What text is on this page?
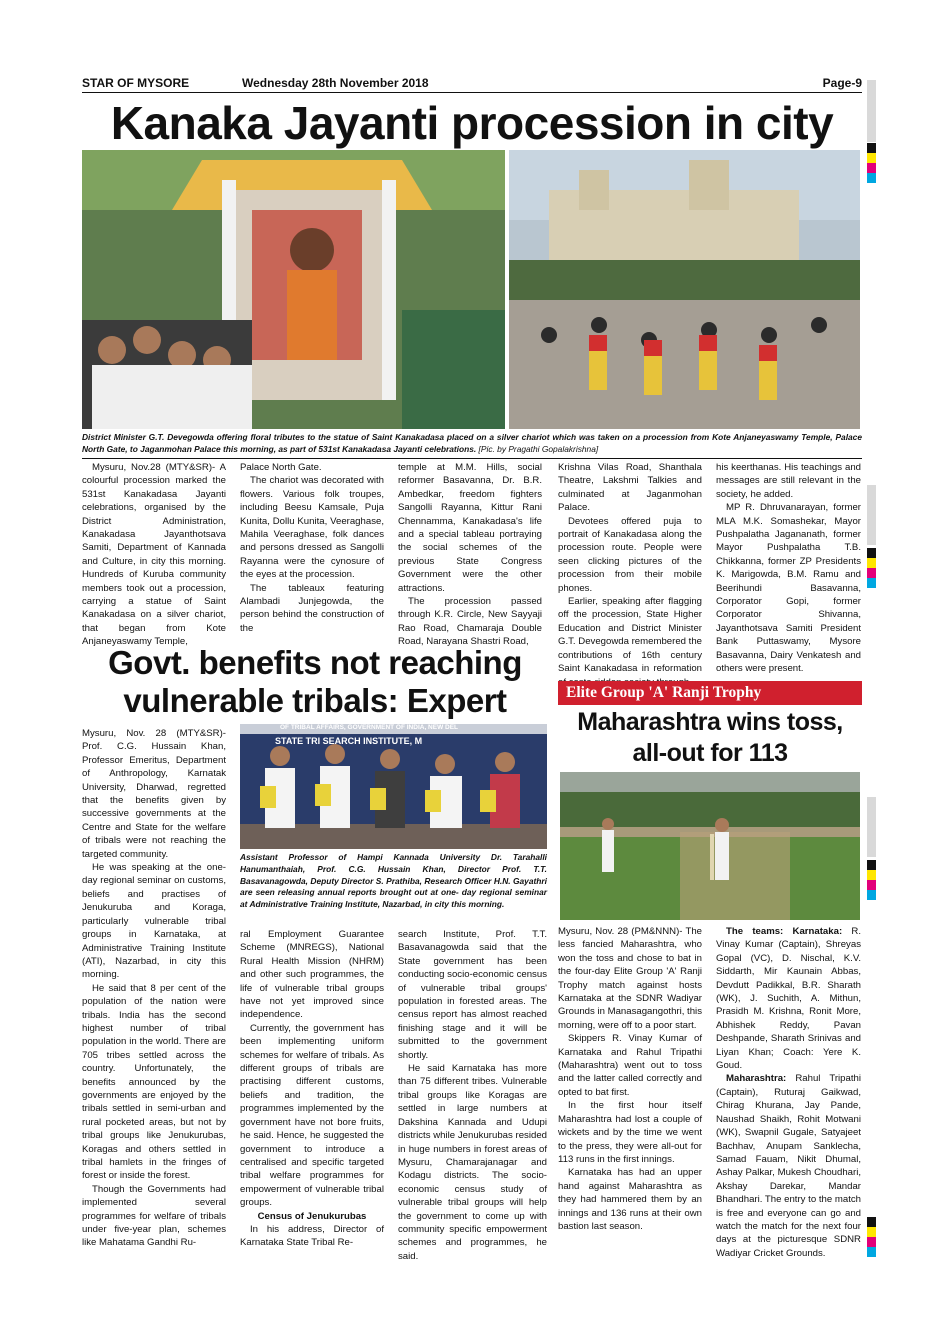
STAR OF MYSORE	Wednesday 28th November 2018	Page-9
Kanaka Jayanti procession in city
District Minister G.T. Devegowda offering floral tributes to the statue of Saint Kanakadasa placed on a silver chariot which was taken on a procession from Kote Anjaneyaswamy Temple, Palace North Gate, to Jaganmohan Palace this morning, as part of 531st Kanakadasa Jayanti celebrations. [Pic. by Pragathi Gopalakrishna]

Mysuru, Nov.28 (MTY&SR)- A colourful procession marked the 531st Kanakadasa Jayanti celebrations, organised by the District Administration, Kanakadasa Jayanthotsava Samiti, Department of Kannada and Culture, in city this morning. Hundreds of Kuruba community members took out a procession, carrying a statue of Saint Kanakadasa on a silver chariot, that began from Kote Anjaneyaswamy Temple,

Palace North Gate.

The chariot was decorated with flowers. Various folk troupes, including Beesu Kamsale, Puja Kunita, Dollu Kunita, Veeraghase, Mahila Veeraghase, folk dances and persons dressed as Sangolli Rayanna were the cynosure of the eyes at the procession.

The tableaux featuring Alambadi Junjegowda, the person behind the construction of the

temple at M.M. Hills, social reformer Basavanna, Dr. B.R. Ambedkar, freedom fighters Sangolli Rayanna, Kittur Rani Chennamma, Kanakadasa's life and a special tableau portraying the social schemes of the previous State Congress Government were the other attractions.

The procession passed through K.R. Circle, New Sayyaji Rao Road, Chamaraja Double Road, Narayana Shastri Road,

Krishna Vilas Road, Shanthala Theatre, Lakshmi Talkies and culminated at Jaganmohan Palace.

Devotees offered puja to portrait of Kanakadasa along the procession route. People were seen clicking pictures of the procession from their mobile phones.

Earlier, speaking after flagging off the procession, State Higher Education and District Minister G.T. Devegowda remembered the contributions of 16th century Saint Kanakadasa in reformation

his keerthanas. His teachings and messages are still relevant in the society, he added.

MP R. Dhruvanarayan, former MLA M.K. Somashekar, Mayor Pushpalatha Jagananath, former Mayor Pushpalatha T.B. Chikkanna, former ZP Presidents K. Marigowda, B.M. Ramu and Beerihundi Basavanna, Corporator Gopi, former Corporator Shivanna, Jayanthotsava Samiti President Bank Puttaswamy, Mysore Basavanna, Dairy Venkatesh and others were present.

Govt. benefits not reaching
vulnerable tribals: Expert
OF TRIBAL AFFAIRS, GOVERNMENT OF INDIA, NEW DEL
STATE TRI SEARCH INSTITUTE, M
Assistant Professor of Hampi Kannada University Dr. Tarahalli Hanumanthaiah, Prof. C.G. Hussain Khan, Director Prof. T.T. Basavanagowda, Deputy Director S. Prathiba, Research Officer H.N. Gayathri are seen releasing annual reports brought out at one- day regional seminar at Administrative Training Institute, Nazarbad, in city this morning.

Mysuru, Nov. 28 (MTY&SR)- Prof. C.G. Hussain Khan, Professor Emeritus, Department of Anthropology, Karnatak University, Dharwad, regretted that the benefits given by successive governments at the Centre and State for the welfare of tribals were not reaching the targeted community.

He was speaking at the one-day regional seminar on customs, beliefs and practises of Jenukuruba and Koraga, particularly vulnerable tribal groups in Karnataka, at Administrative Training Institute (ATI), Nazarbad, in city this morning.

He said that 8 per cent of the population of the nation were tribals. India has the second highest number of tribal population in the world. There are 705 tribes settled across the country. Unfortunately, the benefits announced by the governments are enjoyed by the tribals settled in semi-urban and rural pocketed areas, but not by tribal groups like Jenukurubas, Koragas and others settled in tribal hamlets in the fringes of forest or inside the forest.

Though the Governments had implemented several programmes for welfare of tribals under five-year plan, schemes like Mahatama Gandhi Ru-

ral Employment Guarantee Scheme (MNREGS), National Rural Health Mission (NHRM) and other such programmes, the life of vulnerable tribal groups have not yet improved since independence.

Currently, the government has been implementing uniform schemes for welfare of tribals. As different groups of tribals are practising different customs, beliefs and tradition, the programmes implemented by the government have not bore fruits, he said. Hence, he suggested the government to introduce a centralised and specific targeted tribal welfare programmes for empowerment of vulnerable tribal groups.

Census of Jenukurubas

In his address, Director of Karnataka State Tribal Re-

search Institute, Prof. T.T. Basavanagowda said that the State government has been conducting socio-economic census of vulnerable tribal groups' population in forested areas. The census report has almost reached finishing stage and it will be submitted to the government shortly.

He said Karnataka has more than 75 different tribes. Vulnerable tribal groups like Koragas are settled in large numbers at Dakshina Kannada and Udupi districts while Jenukurubas resided in huge numbers in forest areas of Mysuru, Chamarajanagar and Kodagu districts. The socio-economic census study of vulnerable tribal groups will help the government to come up with community specific empowerment schemes and programmes, he said.

Elite Group 'A' Ranji Trophy
Maharashtra wins toss,
all-out for 113

Mysuru, Nov. 28 (PM&NNN)- The less fancied Maharashtra, who won the toss and chose to bat in the four-day Elite Group 'A' Ranji Trophy match against hosts Karnataka at the SDNR Wadiyar Grounds in Manasagangothri, this morning, were off to a poor start.

Skippers R. Vinay Kumar of Karnataka and Rahul Tripathi (Maharashtra) went out to toss and the latter called correctly and opted to bat first.

In the first hour itself Maharashtra had lost a couple of wickets and by the time we went to the press, they were all-out for 113 runs in the first innings.

Karnataka has had an upper hand against Maharashtra as they had hammered them by an innings and 136 runs at their own bastion last season.

The teams: Karnataka: R. Vinay Kumar (Captain), Shreyas Gopal (VC), D. Nischal, K.V. Siddarth, Mir Kaunain Abbas, Devdutt Padikkal, B.R. Sharath (WK), J. Suchith, A. Mithun, Prasidh M. Krishna, Ronit More, Abhishek Reddy, Pavan Deshpande, Sharath Srinivas and Liyan Khan; Coach: Yere K. Goud.

Maharashtra: Rahul Tripathi (Captain), Ruturaj Gaikwad, Chirag Khurana, Jay Pande, Naushad Shaikh, Rohit Motwani (WK), Swapnil Gugale, Satyajeet Bachhav, Anupam Sanklecha, Samad Fauam, Nikit Dhumal, Ashay Palkar, Mukesh Choudhari, Akshay Darekar, Mandar Bhandhari. The entry to the match is free and everyone can go and watch the match for the next four days at the picturesque SDNR Wadiyar Cricket Grounds.
